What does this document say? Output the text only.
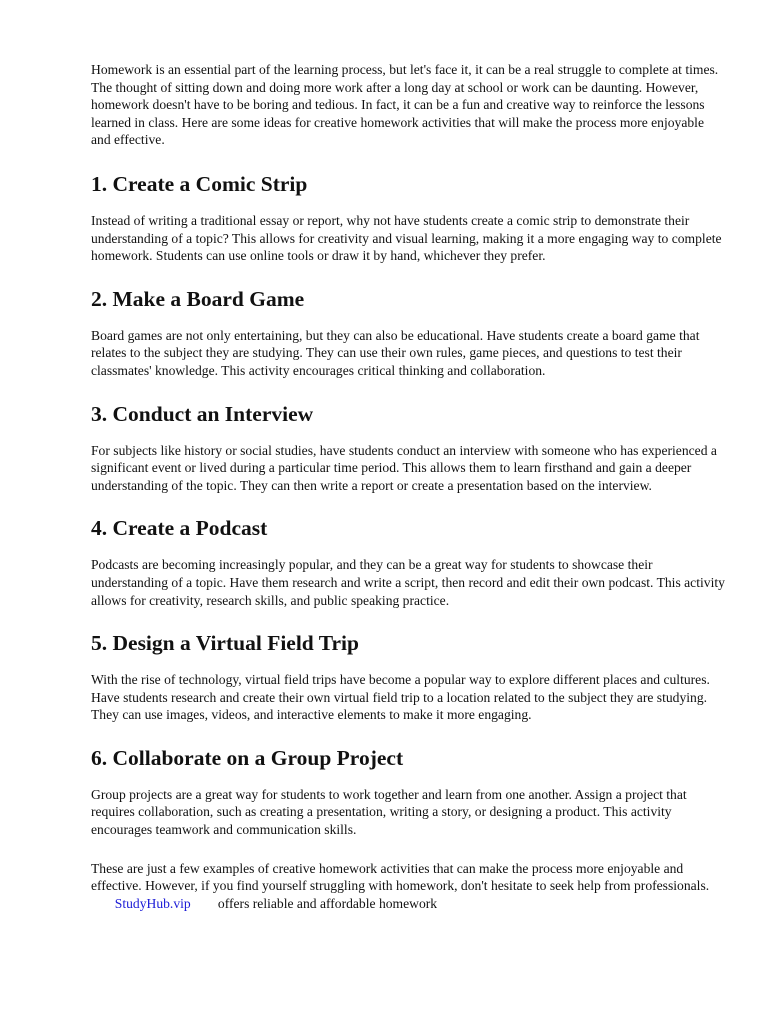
Homework is an essential part of the learning process, but let's face it, it can be a real struggle to complete at times. The thought of sitting down and doing more work after a long day at school or work can be daunting. However, homework doesn't have to be boring and tedious. In fact, it can be a fun and creative way to reinforce the lessons learned in class. Here are some ideas for creative homework activities that will make the process more enjoyable and effective.

1. Create a Comic Strip

Instead of writing a traditional essay or report, why not have students create a comic strip to demonstrate their understanding of a topic? This allows for creativity and visual learning, making it a more engaging way to complete homework. Students can use online tools or draw it by hand, whichever they prefer.

2. Make a Board Game

Board games are not only entertaining, but they can also be educational. Have students create a board game that relates to the subject they are studying. They can use their own rules, game pieces, and questions to test their classmates' knowledge. This activity encourages critical thinking and collaboration.

3. Conduct an Interview

For subjects like history or social studies, have students conduct an interview with someone who has experienced a significant event or lived during a particular time period. This allows them to learn firsthand and gain a deeper understanding of the topic. They can then write a report or create a presentation based on the interview.

4. Create a Podcast

Podcasts are becoming increasingly popular, and they can be a great way for students to showcase their understanding of a topic. Have them research and write a script, then record and edit their own podcast. This activity allows for creativity, research skills, and public speaking practice.

5. Design a Virtual Field Trip

With the rise of technology, virtual field trips have become a popular way to explore different places and cultures. Have students research and create their own virtual field trip to a location related to the subject they are studying. They can use images, videos, and interactive elements to make it more engaging.

6. Collaborate on a Group Project

Group projects are a great way for students to work together and learn from one another. Assign a project that requires collaboration, such as creating a presentation, writing a story, or designing a product. This activity encourages teamwork and communication skills.

These are just a few examples of creative homework activities that can make the process more enjoyable and effective. However, if you find yourself struggling with homework, don't hesitate to seek help from professionals.        StudyHub.vip offers reliable and affordable homework
